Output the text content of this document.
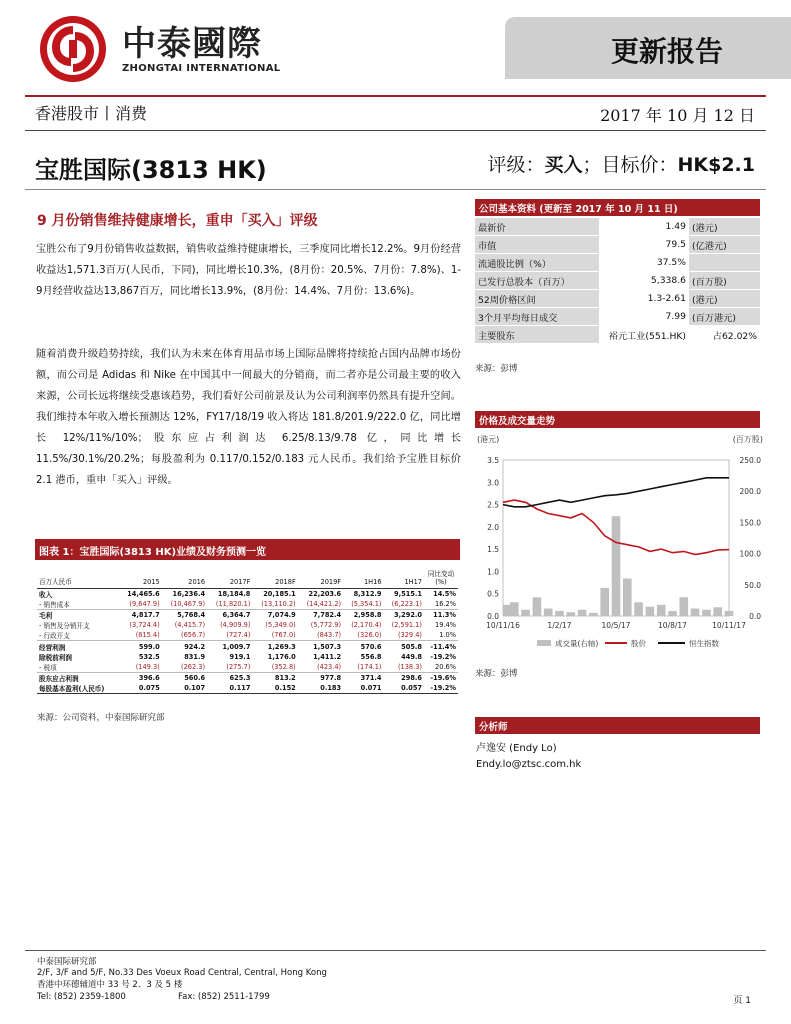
中泰國際
ZHONGTAI INTERNATIONAL
更新报告
香港股市丨消费	2017 年 10 月 12 日
宝胜国际(3813 HK)	评级：买入；目标价：HK$2.1
9 月份销售维持健康增长，重申「买入」评级
宝胜公布了9月份销售收益数据，销售收益维持健康增长，三季度同比增长12.2%。9月份经营收益达1,571.3百万(人民币，下同)，同比增长10.3%，(8月份：20.5%、7月份：7.8%)、1-9月经营收益达13,867百万，同比增长13.9%，(8月份：14.4%、7月份：13.6%)。
随着消费升级趋势持续，我们认为未来在体育用品市场上国际品牌将持续抢占国内品牌市场份额，而公司是 Adidas 和 Nike 在中国其中一间最大的分销商，而二者亦是公司最主要的收入来源，公司长远将继续受惠该趋势，我们看好公司前景及认为公司利润率仍然具有提升空间。我们维持本年收入增长预测达 12%，FY17/18/19 收入将达 181.8/201.9/222.0 亿，同比增长 12%/11%/10%；股东应占利润达 6.25/8.13/9.78 亿，同比增长 11.5%/30.1%/20.2%；每股盈利为 0.117/0.152/0.183 元人民币。我们给予宝胜目标价 2.1 港币，重申「买入」评级。
图表 1：宝胜国际(3813 HK)业绩及财务预测一览
百万人民币	2015	2016	2017F	2018F	2019F	1H16	1H17	同比变动 (%)
收入	14,465.6	16,236.4	18,184.8	20,185.1	22,203.6	8,312.9	9,515.1	14.5%
- 销售成本	(9,647.9)	(10,467.9)	(11,820.1)	(13,110.2)	(14,421.2)	(5,354.1)	(6,223.1)	16.2%
毛利	4,817.7	5,768.4	6,364.7	7,074.9	7,782.4	2,958.8	3,292.0	11.3%
- 销售及分销开支	(3,724.4)	(4,415.7)	(4,909.9)	(5,349.0)	(5,772.9)	(2,170.4)	(2,591.1)	19.4%
- 行政开支	(615.4)	(656.7)	(727.4)	(767.0)	(843.7)	(326.0)	(329.4)	1.0%
经营利润	599.0	924.2	1,009.7	1,269.3	1,507.3	570.6	505.8	-11.4%
除税前利润	532.5	831.9	919.1	1,176.0	1,411.2	556.8	449.8	-19.2%
- 税项	(149.3)	(262.3)	(275.7)	(352.8)	(423.4)	(174.1)	(138.3)	20.6%
股东应占利润	396.6	560.6	625.3	813.2	977.8	371.4	298.6	-19.6%
每股基本盈利(人民币)	0.075	0.107	0.117	0.152	0.183	0.071	0.057	-19.2%
来源：公司资料，中泰国际研究部
公司基本资料 (更新至 2017 年 10 月 11 日)
最新价	1.49	(港元)
市值	79.5	(亿港元)
流通股比例（%）	37.5%	
已发行总股本（百万）	5,338.6	(百万股)
52周价格区间	1.3-2.61	(港元)
3个月平均每日成交	7.99	(百万港元)
主要股东	裕元工业(551.HK)	占62.02%
来源：彭博
价格及成交量走势
(港元)	(百万股)
0.0
0.5
1.0
1.5
2.0
2.5
3.0
3.5
0.0
50.0
100.0
150.0
200.0
250.0
10/11/16	1/2/17	10/5/17	10/8/17	10/11/17
成交量(右轴)	股价	恒生指数
来源：彭博
分析师
卢逸安 (Endy Lo)
Endy.lo@ztsc.com.hk
中泰国际研究部
2/F, 3/F and 5/F, No.33 Des Voeux Road Central, Central, Hong Kong
香港中环德辅道中 33 号 2、3 及 5 楼
Tel: (852) 2359-1800	Fax: (852) 2511-1799	页 1
